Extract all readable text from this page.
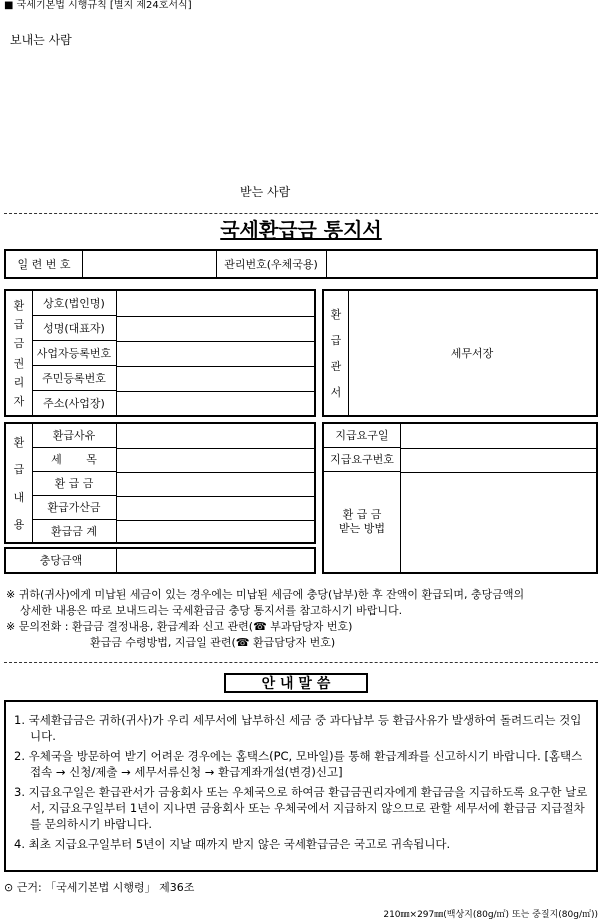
■ 국세기본법 시행규칙 [별지 제24호서식]
보내는 사람
받는 사람
국세환급금 통지서
일 련 번 호	관리번호(우체국용)
환
급
금
권
리
자
상호(법인명)
성명(대표자)
사업자등록번호
주민등록번호
주소(사업장)
환
급
관
서
세무서장
환
급
내
용
환급사유
세       목
환 급 금
환급가산금
환급금 계
충당금액
지급요구일
지급요구번호
환 급 금
받는 방법

※ 귀하(귀사)에게 미납된 세금이 있는 경우에는 미납된 세금에 충당(납부)한 후 잔액이 환급되며, 충당금액의

상세한 내용은 따로 보내드리는 국세환급금 충당 통지서를 참고하시기 바랍니다.

※ 문의전화 : 환급금 결정내용, 환급계좌 신고 관련(☎ 부과담당자 번호)

환급금 수령방법, 지급일 관련(☎ 환급담당자 번호)

안 내 말 씀
1. 국세환급금은 귀하(귀사)가 우리 세무서에 납부하신 세금 중 과다납부 등 환급사유가 발생하여 돌려드리는 것입니다.
2. 우체국을 방문하여 받기 어려운 경우에는 홈택스(PC, 모바일)를 통해 환급계좌를 신고하시기 바랍니다. [홈택스 접속 → 신청/제출 → 세무서류신청 → 환급계좌개설(변경)신고]
3. 지급요구일은 환급관서가 금융회사 또는 우체국으로 하여금 환급금권리자에게 환급금을 지급하도록 요구한 날로서, 지급요구일부터 1년이 지나면 금융회사 또는 우체국에서 지급하지 않으므로 관할 세무서에 환급금 지급절차를 문의하시기 바랍니다.
4. 최초 지급요구일부터 5년이 지날 때까지 받지 않은 국세환급금은 국고로 귀속됩니다.
⊙ 근거: 「국세기본법 시행령」 제36조
210㎜×297㎜(백상지(80g/㎡) 또는 중질지(80g/㎡))
